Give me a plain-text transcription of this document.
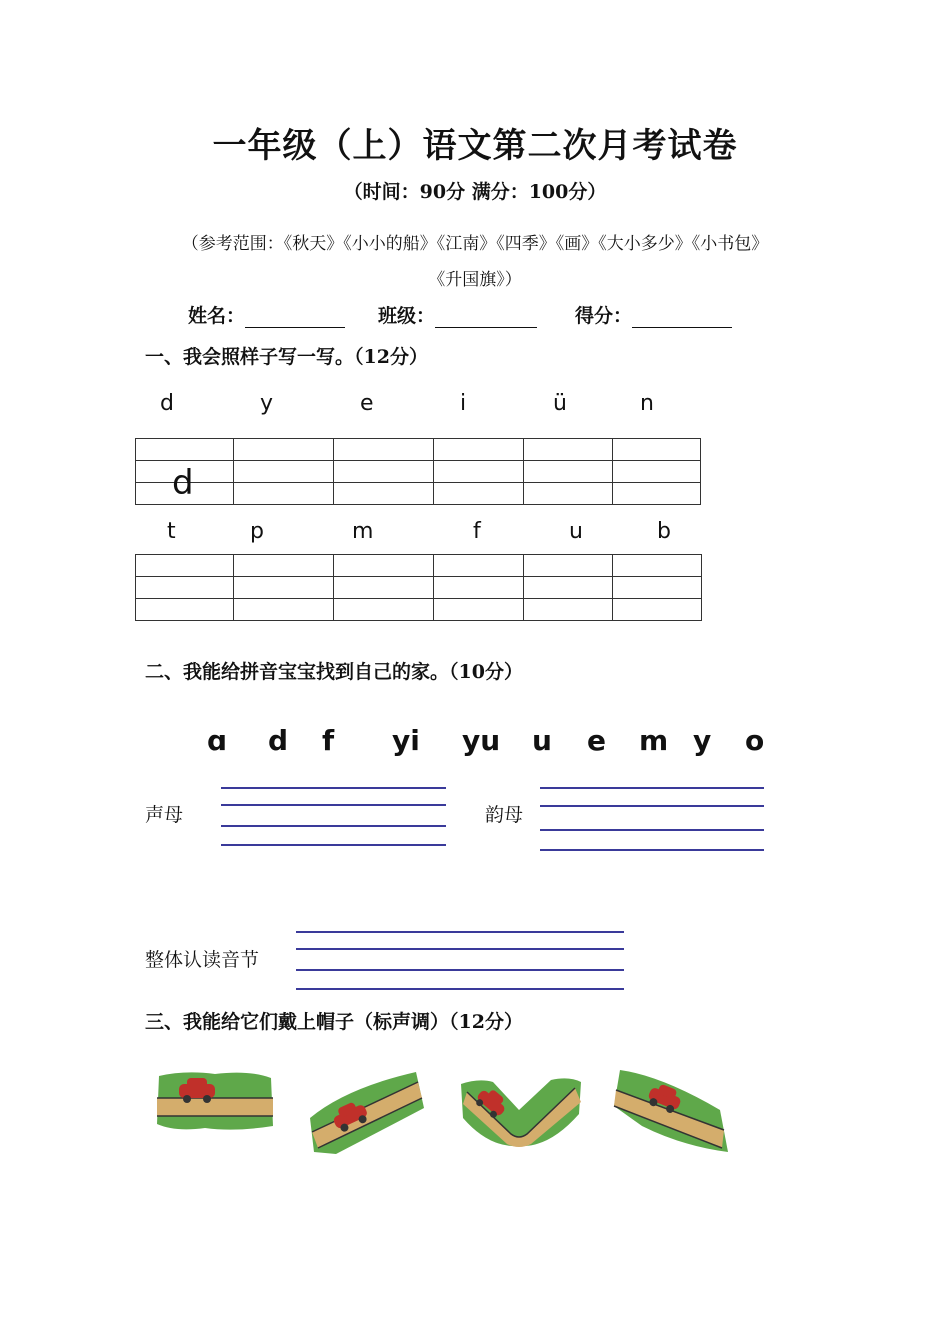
一年级（上）语文第二次月考试卷
（时间：90分 满分：100分）
（参考范围：《秋天》《小小的船》《江南》《四季》《画》《大小多少》《小书包》
《升国旗》）
姓名：	班级：	得分：
一、我会照样子写一写。（12分）
d	y	e	i	ü	n

d
t	p	m	f	u	b

二、我能给拼音宝宝找到自己的家。（10分）
ɑ d f yi yu u e m y o
声母	韵母
整体认读音节
三、我能给它们戴上帽子（标声调）（12分）
